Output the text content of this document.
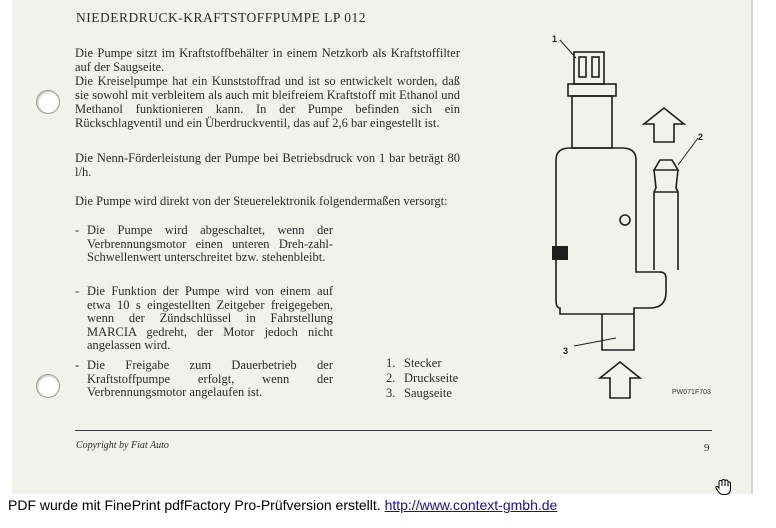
NIEDERDRUCK-KRAFTSTOFFPUMPE LP 012
Die Pumpe sitzt im Kraftstoffbehälter in einem Netzkorb als Kraftstoffilter auf der Saugseite.
Die Kreiselpumpe hat ein Kunststoffrad und ist so entwickelt worden, daß sie sowohl mit verbleitem als auch mit bleifreiem Kraftstoff mit Ethanol und Methanol funktionieren kann. In der Pumpe befinden sich ein Rückschlagventil und ein Überdruckventil, das auf 2,6 bar eingestellt ist.
Die Nenn-Förderleistung der Pumpe bei Betriebsdruck von 1 bar beträgt 80 l/h.
Die Pumpe wird direkt von der Steuerelektronik folgendermaßen versorgt:
- Die Pumpe wird abgeschaltet, wenn der Verbrennungsmotor einen unteren Dreh-zahl-Schwellenwert unterschreitet bzw. stehenbleibt.
- Die Funktion der Pumpe wird von einem auf etwa 10 s eingestellten Zeitgeber freigegeben, wenn der Zündschlüssel in Fahrstellung MARCIA gedreht, der Motor jedoch nicht angelassen wird.
- Die Freigabe zum Dauerbetrieb der Kraftstoffpumpe erfolgt, wenn der Verbrennungsmotor angelaufen ist.
1. Stecker
2. Druckseite
3. Saugseite
1
2
3
PW071F703
Copyright by Fiat Auto	9
PDF wurde mit FinePrint pdfFactory Pro-Prüfversion erstellt. http://www.context-gmbh.de
